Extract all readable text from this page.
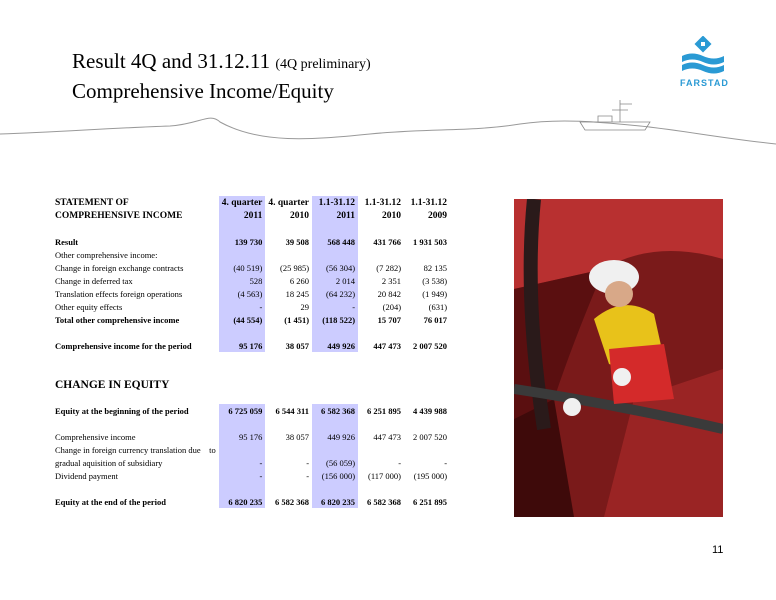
Result 4Q and 31.12.11 (4Q preliminary)
Comprehensive Income/Equity	FARSTAD
STATEMENT OF	4. quarter	4. quarter	1.1-31.12	1.1-31.12	1.1-31.12
COMPREHENSIVE INCOME	2011	2010	2011	2010	2009

Result	139 730	39 508	568 448	431 766	1 931 503
Other comprehensive income:					
Change in foreign exchange contracts	(40 519)	(25 985)	(56 304)	(7 282)	82 135
Change in deferred tax	528	6 260	2 014	2 351	(3 538)
Translation effects foreign operations	(4 563)	18 245	(64 232)	20 842	(1 949)
Other equity effects	-	29	-	(204)	(631)
Total other comprehensive income	(44 554)	(1 451)	(118 522)	15 707	76 017

Comprehensive income for the period	95 176	38 057	449 926	447 473	2 007 520

CHANGE IN EQUITY					

Equity at the beginning of the period	6 725 059	6 544 311	6 582 368	6 251 895	4 439 988

Comprehensive income	95 176	38 057	449 926	447 473	2 007 520
Change in foreign currency translation due    to					
gradual aquisition of subsidiary	-	-	(56 059)	-	-
Dividend payment	-	-	(156 000)	(117 000)	(195 000)

Equity at the end of the period	6 820 235	6 582 368	6 820 235	6 582 368	6 251 895
11
